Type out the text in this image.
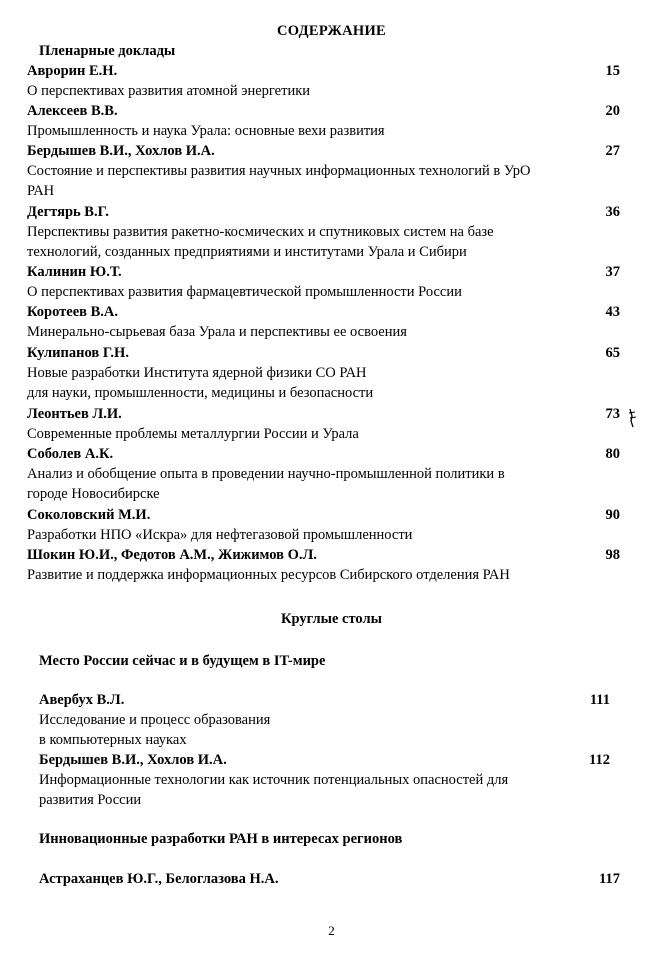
СОДЕРЖАНИЕ
Пленарные доклады
Аврорин Е.Н.	15
О перспективах развития атомной энергетики
Алексеев В.В.	20
Промышленность и наука Урала: основные вехи развития
Бердышев В.И., Хохлов И.А.	27
Состояние и перспективы развития научных информационных технологий в УрО
РАН
Дегтярь В.Г.	36
Перспективы развития ракетно-космических и спутниковых систем на базе
технологий, созданных предприятиями и институтами Урала и Сибири
Калинин Ю.Т.	37
О перспективах развития фармацевтической промышленности России
Коротеев В.А.	43
Минерально-сырьевая база Урала и перспективы ее освоения
Кулипанов Г.Н.	65
Новые разработки Института ядерной физики СО РАН
для науки, промышленности, медицины и безопасности
Леонтьев Л.И.	73
Современные проблемы металлургии России и Урала
Соболев А.К.	80
Анализ и обобщение опыта в проведении научно-промышленной политики в
городе Новосибирске
Соколовский М.И.	90
Разработки НПО «Искра» для нефтегазовой промышленности
Шокин Ю.И., Федотов А.М., Жижимов О.Л.	98
Развитие и поддержка информационных ресурсов Сибирского отделения РАН
Круглые столы
Место России сейчас и в будущем в IT-мире
Авербух В.Л.	111
Исследование и процесс образования
в компьютерных науках
Бердышев В.И., Хохлов И.А.	112
Информационные технологии как источник потенциальных опасностей для
развития России
Инновационные разработки РАН в интересах регионов
Астраханцев Ю.Г., Белоглазова Н.А.	117
2
